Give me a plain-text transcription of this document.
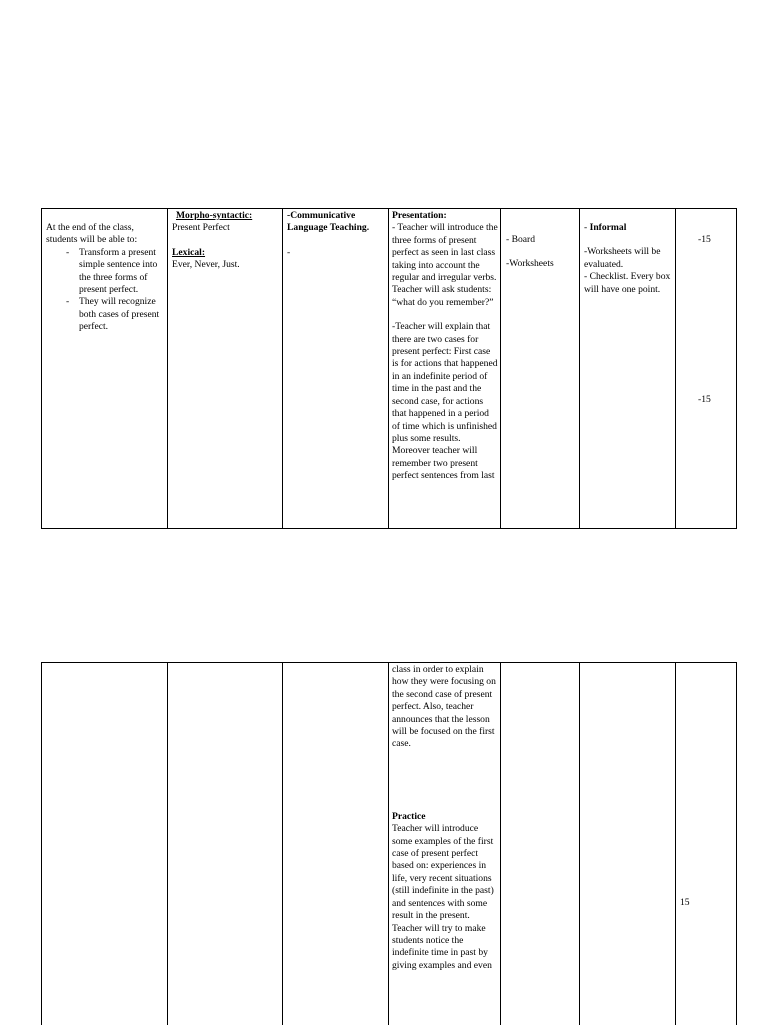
At the end of the class, students will be able to:
- Transform a present simple sentence into the three forms of present perfect.
- They will recognize both cases of present perfect.
Morpho-syntactic:
Present Perfect
Lexical:
Ever, Never, Just.
-Communicative Language Teaching.
-
Presentation:
- Teacher will introduce the three forms of present perfect as seen in last class taking into account the regular and irregular verbs. Teacher will ask students: “what do you remember?”
-Teacher will explain that there are two cases for present perfect: First case is for actions that happened in an indefinite period of time in the past and the second case, for actions that happened in a period of time which is unfinished plus some results. Moreover teacher will remember two present perfect sentences from last
- Board
-Worksheets
- Informal
-Worksheets will be evaluated.
- Checklist. Every box will have one point.
-15
-15
class in order to explain how they were focusing on the second case of present perfect. Also, teacher announces that the lesson will be focused on the first case.
Practice
Teacher will introduce some examples of the first case of present perfect based on: experiences in life, very recent situations (still indefinite in the past) and sentences with some result in the present.
Teacher will try to make students notice the indefinite time in past by giving examples and even
15
